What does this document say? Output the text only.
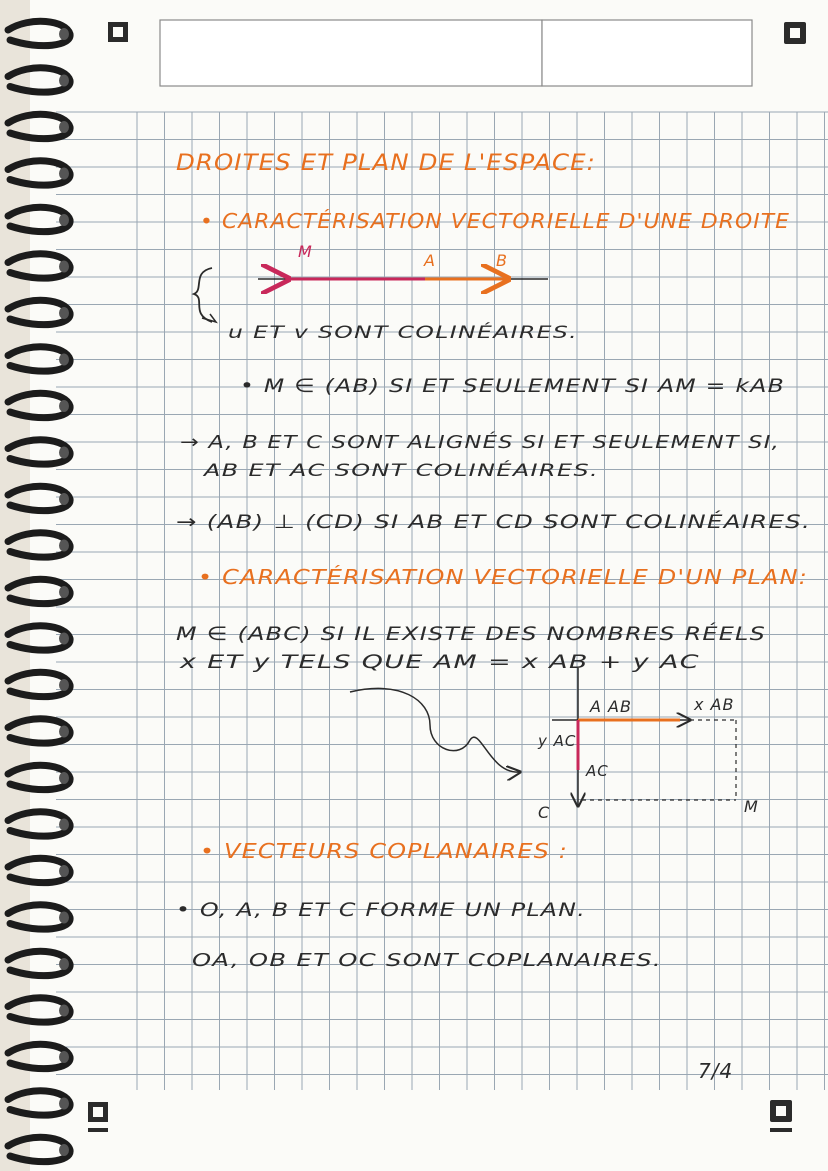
DROITES ET PLAN DE L'ESPACE:
• CARACTÉRISATION VECTORIELLE D'UNE DROITE
M	A	B
u ET v SONT COLINÉAIRES.
• M ∈ (AB) SI ET SEULEMENT SI AM = kAB
→ A, B ET C SONT ALIGNÉS SI ET SEULEMENT SI,
AB ET AC SONT COLINÉAIRES.
→ (AB) ⊥ (CD) SI AB ET CD SONT COLINÉAIRES.
• CARACTÉRISATION VECTORIELLE D'UN PLAN:
M ∈ (ABC) SI IL EXISTE DES NOMBRES RÉELS
x ET y TELS QUE AM = x AB + y AC
A AB	x AB
y AC
AC
C	M
• VECTEURS COPLANAIRES :
• O, A, B ET C FORME UN PLAN.
OA, OB ET OC SONT COPLANAIRES.
7/4
